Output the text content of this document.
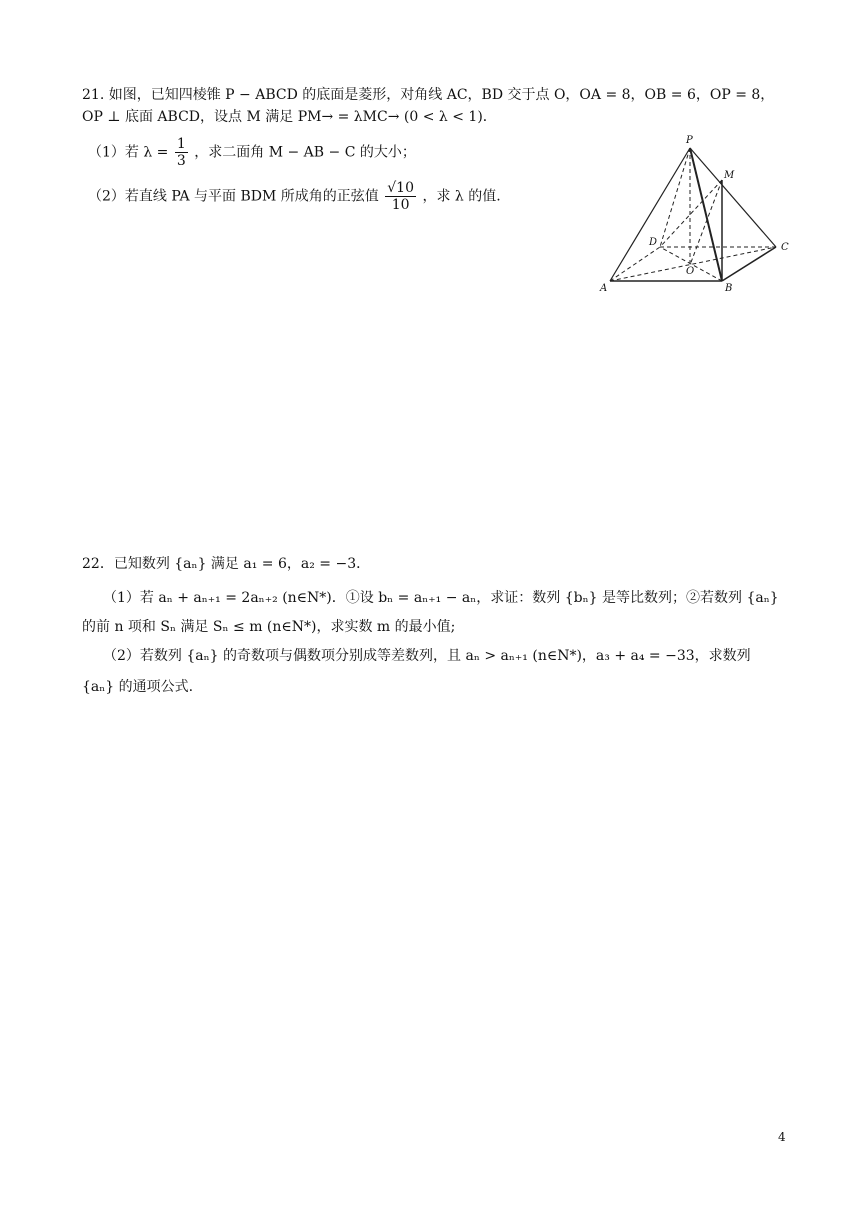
21. 如图，已知四棱锥 P − ABCD 的底面是菱形，对角线 AC，BD 交于点 O，OA = 8，OB = 6，OP = 8，
OP ⊥ 底面 ABCD，设点 M 满足 PM→ = λMC→ (0 < λ < 1)．
（1）若 $\lambda = \frac{1}{3}$ ，求二面角 M − AB − C 的大小；
（2）若直线 PA 与平面 BDM 所成角的正弦值 $\frac{√10}{10}$ ，求 λ 的值.
P
M
D	C
O
A	B
22．已知数列 {aₙ} 满足 a₁ = 6，a₂ = −3．
（1）若 aₙ + aₙ₊₁ = 2aₙ₊₂ (n∈N*)．①设 bₙ = aₙ₊₁ − aₙ，求证：数列 {bₙ} 是等比数列；②若数列 {aₙ}
的前 n 项和 Sₙ 满足 Sₙ ≤ m (n∈N*)，求实数 m 的最小值;
（2）若数列 {aₙ} 的奇数项与偶数项分别成等差数列，且 aₙ > aₙ₊₁ (n∈N*)，a₃ + a₄ = −33，求数列
{aₙ} 的通项公式.
4
